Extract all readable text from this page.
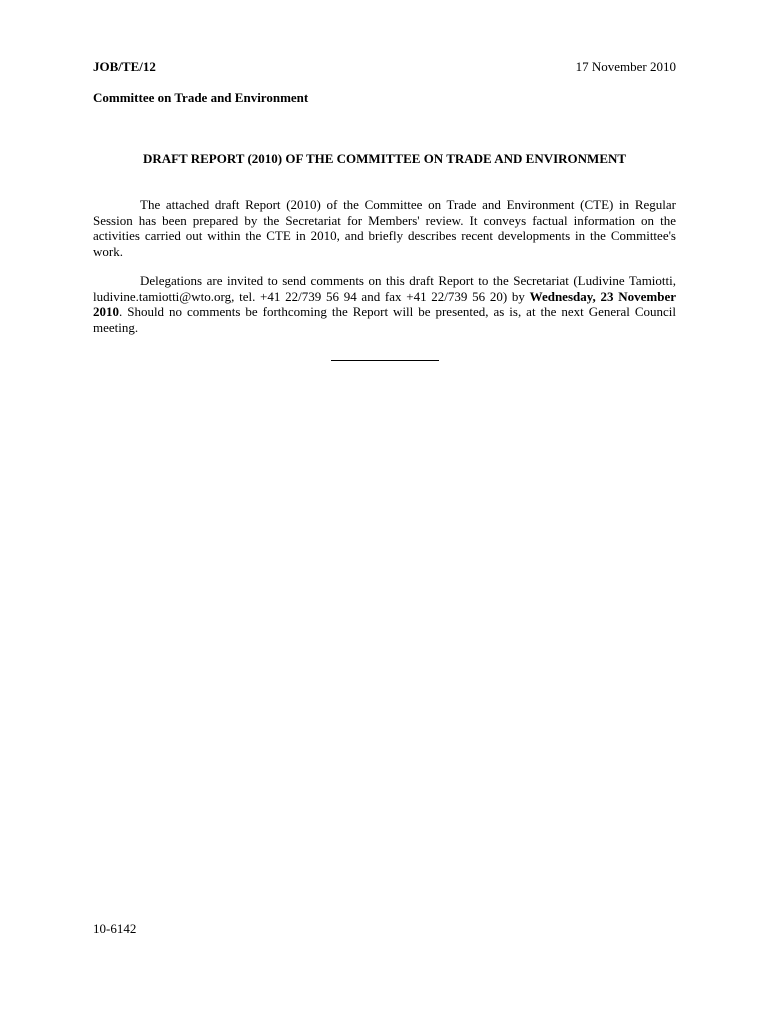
JOB/TE/12	17 November 2010
Committee on Trade and Environment
DRAFT REPORT (2010) OF THE COMMITTEE ON TRADE AND ENVIRONMENT
The attached draft Report (2010) of the Committee on Trade and Environment (CTE) in Regular Session has been prepared by the Secretariat for Members' review. It conveys factual information on the activities carried out within the CTE in 2010, and briefly describes recent developments in the Committee's work.
Delegations are invited to send comments on this draft Report to the Secretariat (Ludivine Tamiotti, ludivine.tamiotti@wto.org, tel. +41 22/739 56 94 and fax +41 22/739 56 20) by Wednesday, 23 November 2010. Should no comments be forthcoming the Report will be presented, as is, at the next General Council meeting.
10-6142
